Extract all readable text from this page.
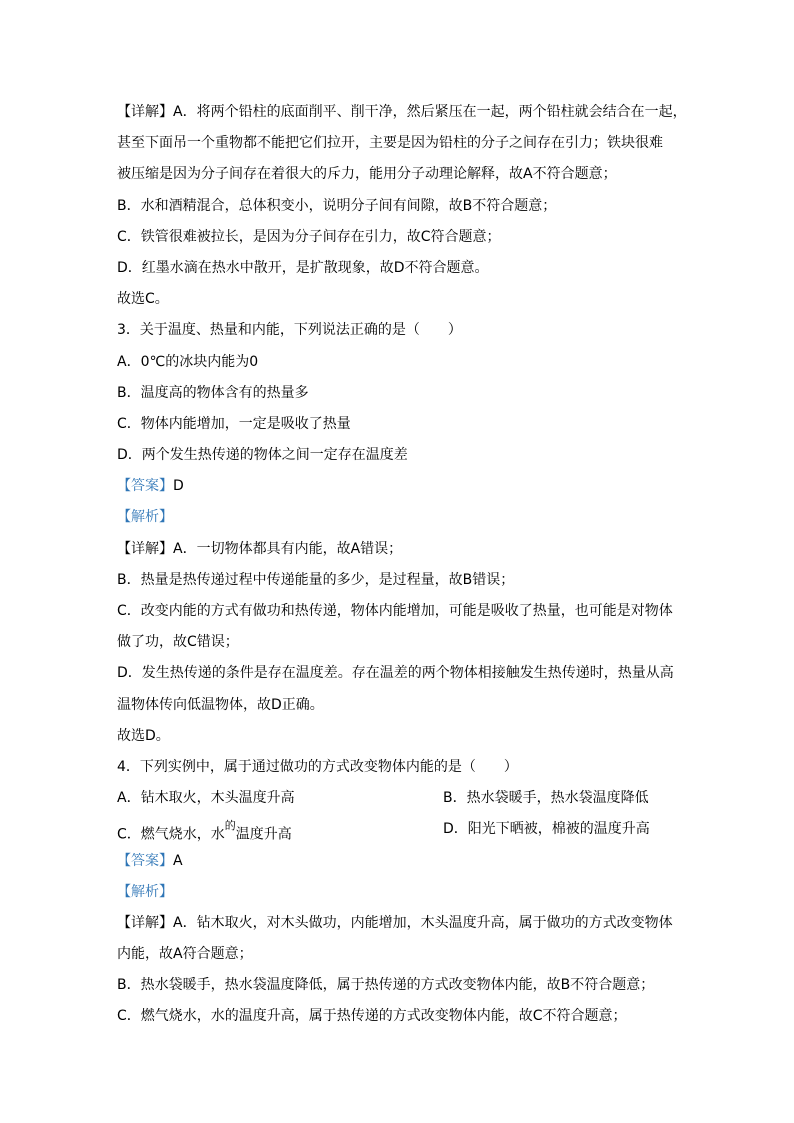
【详解】A．将两个铅柱的底面削平、削干净，然后紧压在一起，两个铅柱就会结合在一起，
甚至下面吊一个重物都不能把它们拉开，主要是因为铅柱的分子之间存在引力；铁块很难
被压缩是因为分子间存在着很大的斥力，能用分子动理论解释，故A不符合题意；
B．水和酒精混合，总体积变小，说明分子间有间隙，故B不符合题意；
C．铁管很难被拉长，是因为分子间存在引力，故C符合题意；
D．红墨水滴在热水中散开，是扩散现象，故D不符合题意。
故选C。
3．关于温度、热量和内能，下列说法正确的是（　　）
A．0℃的冰块内能为0
B．温度高的物体含有的热量多
C．物体内能增加，一定是吸收了热量
D．两个发生热传递的物体之间一定存在温度差
【答案】D
【解析】
【详解】A．一切物体都具有内能，故A错误；
B．热量是热传递过程中传递能量的多少，是过程量，故B错误；
C．改变内能的方式有做功和热传递，物体内能增加，可能是吸收了热量，也可能是对物体
做了功，故C错误；
D．发生热传递的条件是存在温度差。存在温差的两个物体相接触发生热传递时，热量从高
温物体传向低温物体，故D正确。
故选D。
4．下列实例中，属于通过做功的方式改变物体内能的是（　　）
A．钻木取火，木头温度升高	B．热水袋暖手，热水袋温度降低
C．燃气烧水，水$^的$温度升高	D．阳光下晒被，棉被的温度升高
【答案】A
【解析】
【详解】A．钻木取火，对木头做功，内能增加，木头温度升高，属于做功的方式改变物体
内能，故A符合题意；
B．热水袋暖手，热水袋温度降低，属于热传递的方式改变物体内能，故B不符合题意；
C．燃气烧水，水的温度升高，属于热传递的方式改变物体内能，故C不符合题意；
